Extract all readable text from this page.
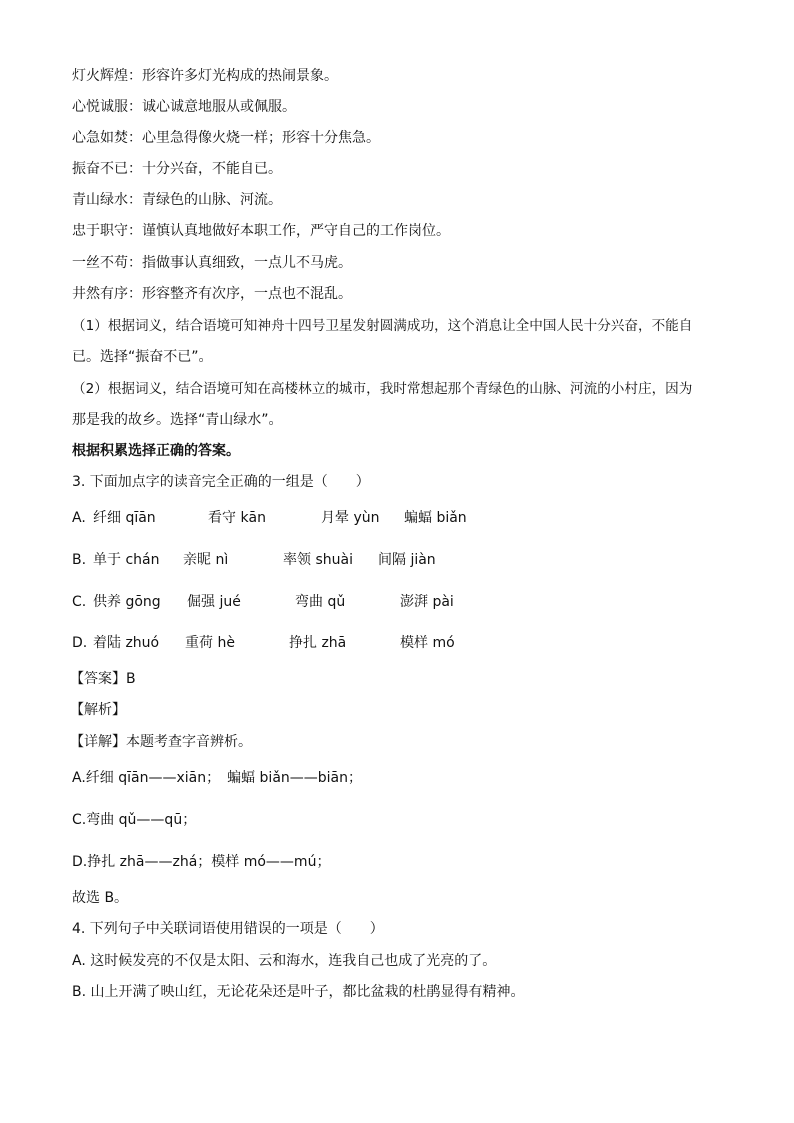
灯火辉煌：形容许多灯光构成的热闹景象。
心悦诚服：诚心诚意地服从或佩服。
心急如焚：心里急得像火烧一样；形容十分焦急。
振奋不已：十分兴奋，不能自已。
青山绿水：青绿色的山脉、河流。
忠于职守：谨慎认真地做好本职工作，严守自己的工作岗位。
一丝不苟：指做事认真细致，一点儿不马虎。
井然有序：形容整齐有次序，一点也不混乱。
（1）根据词义，结合语境可知神舟十四号卫星发射圆满成功，这个消息让全中国人民十分兴奋，不能自
已。选择“振奋不已”。
（2）根据词义，结合语境可知在高楼林立的城市，我时常想起那个青绿色的山脉、河流的小村庄，因为
那是我的故乡。选择“青山绿水”。
根据积累选择正确的答案。
3. 下面加点字的读音完全正确的一组是（　　）
A. 纤细 qīān	看守 kān	月晕 yùn 蝙蝠 biǎn
B. 单于 chán 亲昵 nì	率领 shuài 间隔 jiàn
C. 供养 gōng 倔强 jué	弯曲 qǔ	澎湃 pài
D. 着陆 zhuó 重荷 hè	挣扎 zhā	模样 mó
【答案】B
【解析】
【详解】本题考查字音辨析。
A.纤细 qīān——xiān；　蝙蝠 biǎn——biān；
C.弯曲 qǔ——qū；
D.挣扎 zhā——zhá；模样 mó——mú；
故选 B。
4. 下列句子中关联词语使用错误的一项是（　　）
A. 这时候发亮的不仅是太阳、云和海水，连我自己也成了光亮的了。
B. 山上开满了映山红，无论花朵还是叶子，都比盆栽的杜鹃显得有精神。
